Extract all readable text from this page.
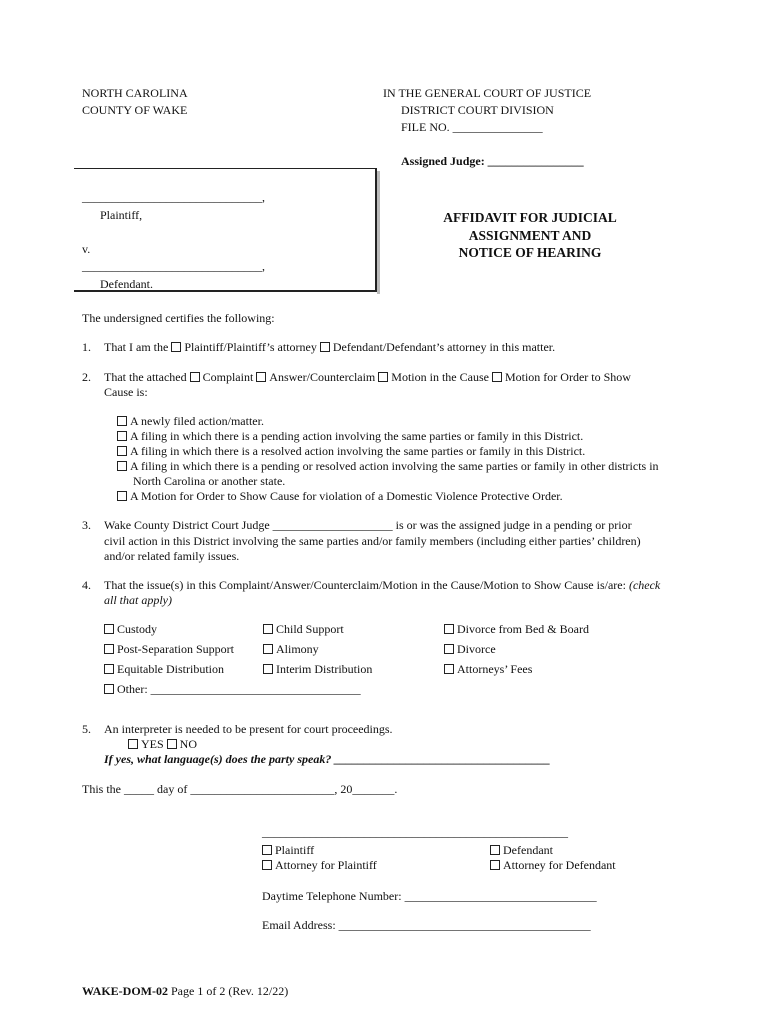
NORTH CAROLINA
COUNTY OF WAKE
IN THE GENERAL COURT OF JUSTICE
DISTRICT COURT DIVISION
FILE NO. _______________
Assigned Judge: ________________
______________________________,
Plaintiff,
v.
______________________________,
Defendant.
AFFIDAVIT FOR JUDICIAL
ASSIGNMENT AND
NOTICE OF HEARING
The undersigned certifies the following:
1. That I am the Plaintiff/Plaintiff’s attorney Defendant/Defendant’s attorney in this matter.
2. That the attached Complaint Answer/Counterclaim Motion in the Cause Motion for Order to Show
Cause is:
A newly filed action/matter.
A filing in which there is a pending action involving the same parties or family in this District.
A filing in which there is a resolved action involving the same parties or family in this District.
A filing in which there is a pending or resolved action involving the same parties or family in other districts in
North Carolina or another state.
A Motion for Order to Show Cause for violation of a Domestic Violence Protective Order.
3. Wake County District Court Judge ____________________ is or was the assigned judge in a pending or prior
civil action in this District involving the same parties and/or family members (including either parties’ children)
and/or related family issues.
4. That the issue(s) in this Complaint/Answer/Counterclaim/Motion in the Cause/Motion to Show Cause is/are: (check
all that apply)
Custody
Post-Separation Support
Equitable Distribution
Other: ___________________________________
Child Support
Alimony
Interim Distribution
Divorce from Bed & Board
Divorce
Attorneys’ Fees
5. An interpreter is needed to be present for court proceedings.
YES NO
If yes, what language(s) does the party speak? ____________________________________
This the _____ day of ________________________, 20_______.
___________________________________________________
Plaintiff
Attorney for Plaintiff
Defendant
Attorney for Defendant
Daytime Telephone Number: ________________________________
Email Address: __________________________________________
WAKE-DOM-02 Page 1 of 2 (Rev. 12/22)
